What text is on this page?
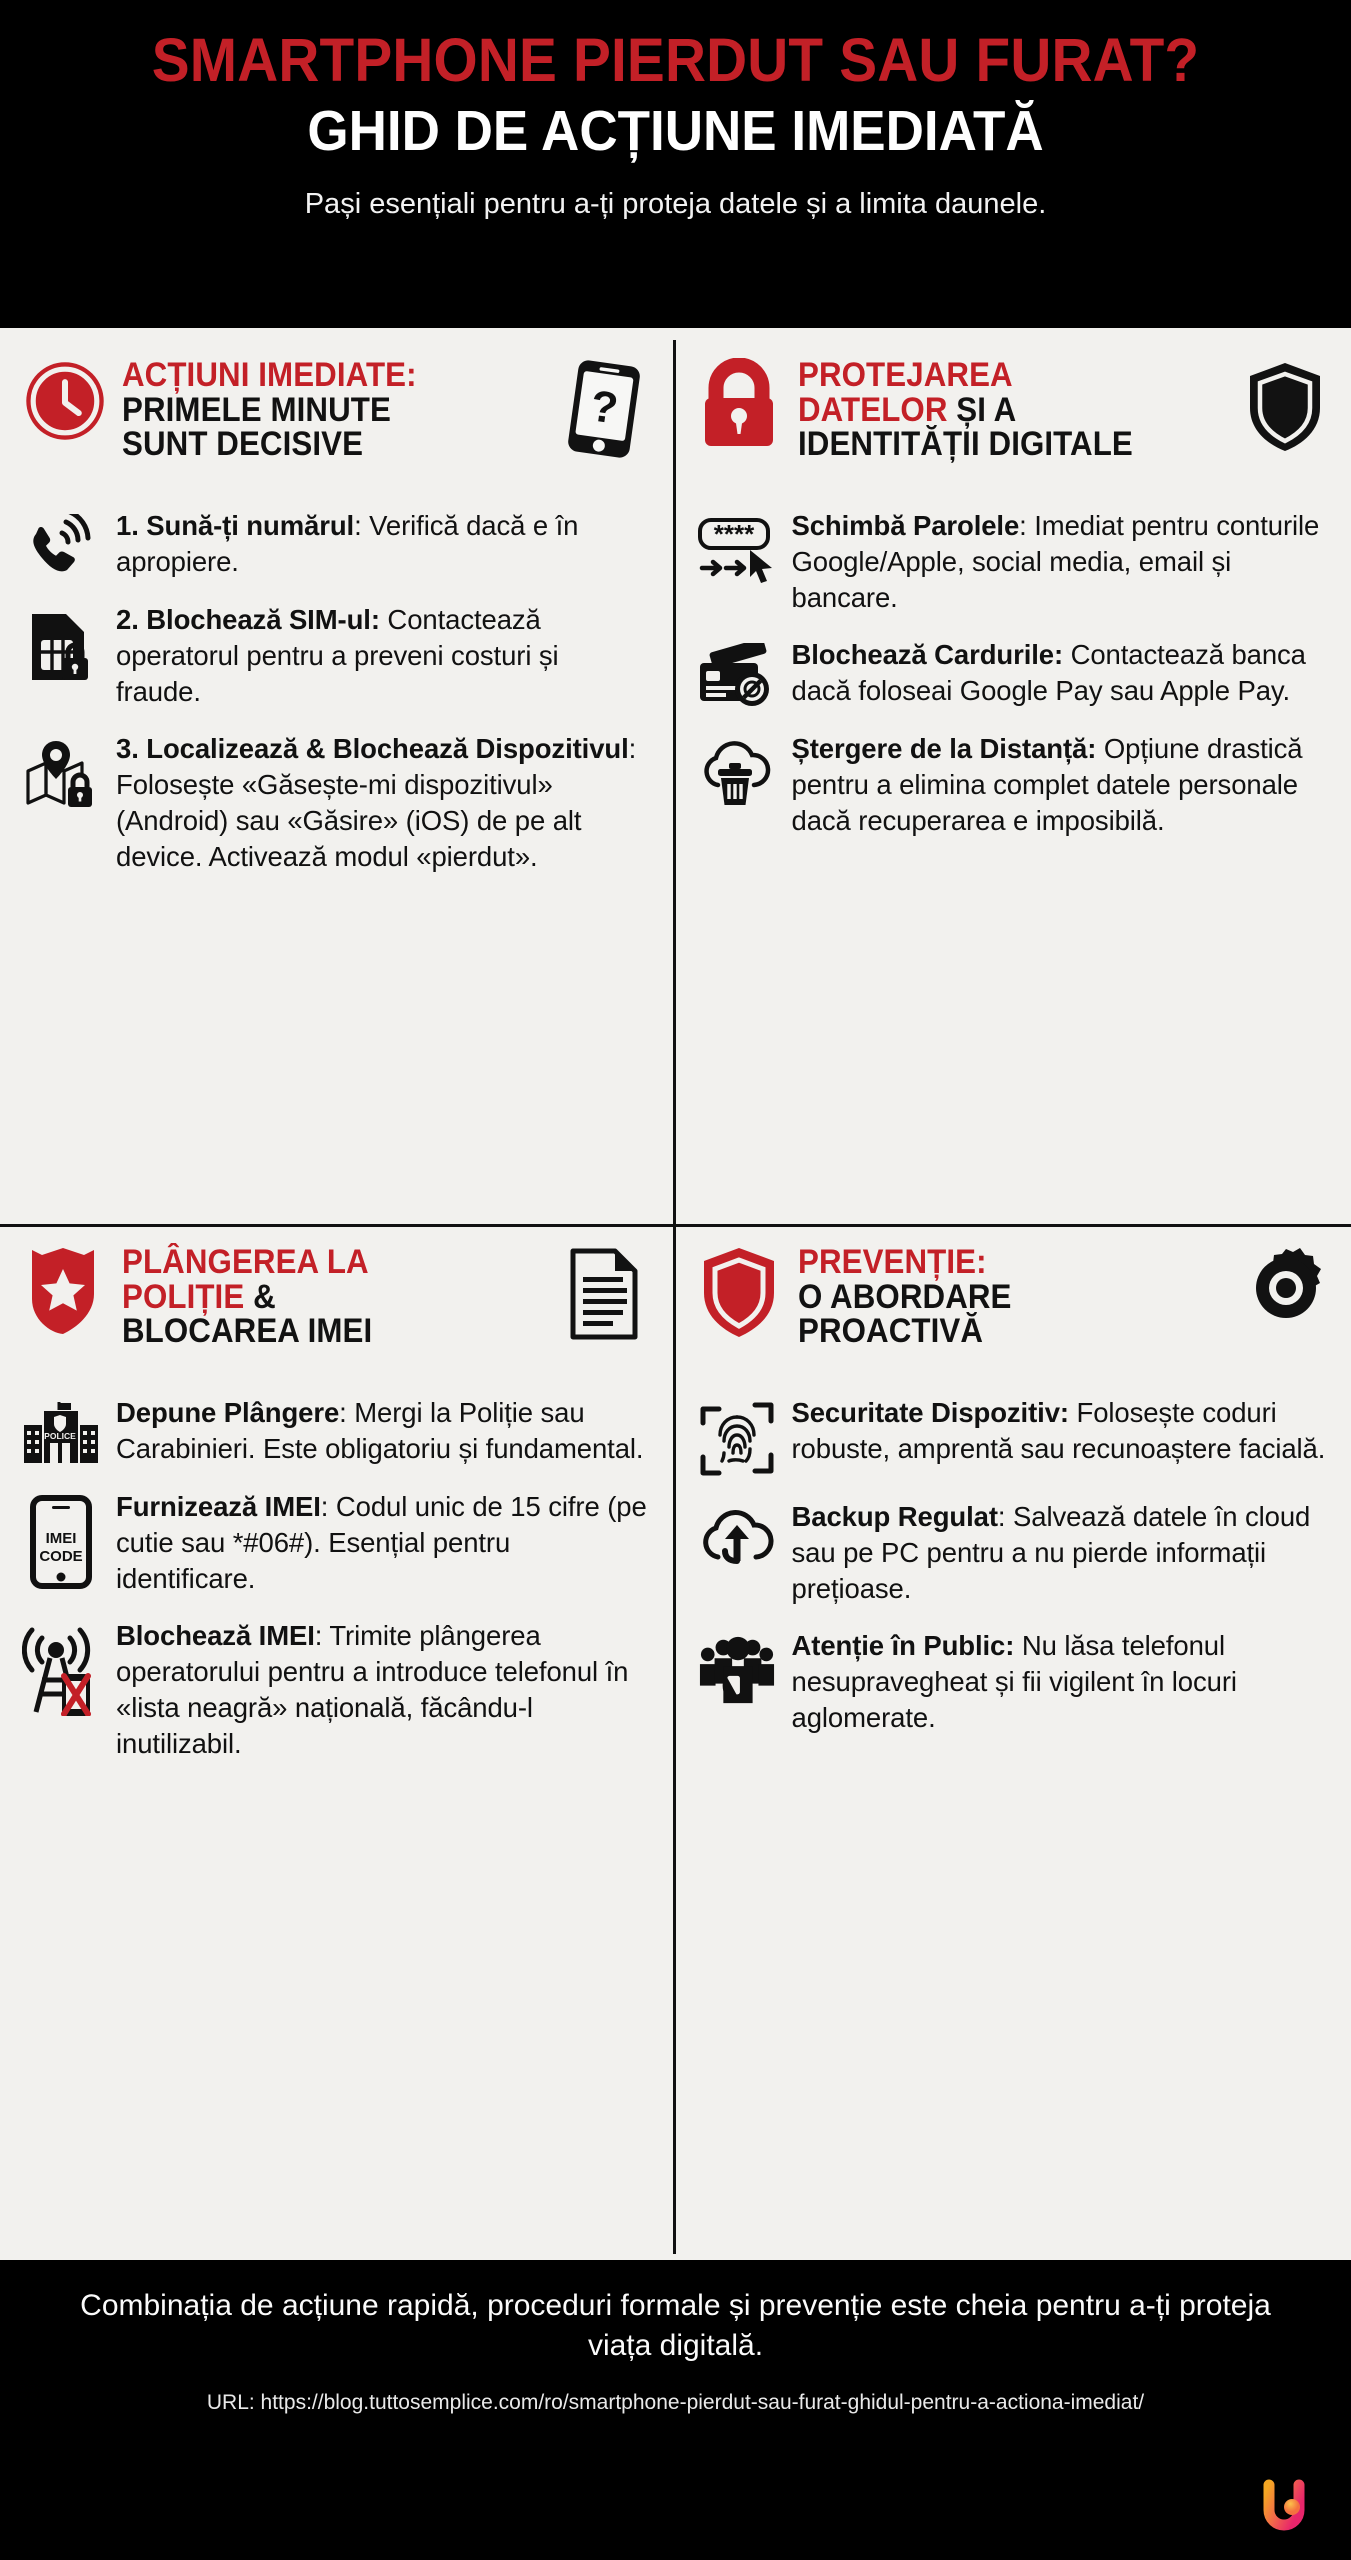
SMARTPHONE PIERDUT SAU FURAT?
GHID DE ACȚIUNE IMEDIATĂ
Pași esențiali pentru a-ți proteja datele și a limita daunele.
ACȚIUNI IMEDIATE:
PRIMELE MINUTE
SUNT DECISIVE
?
1. Sună-ți numărul: Verifică dacă e în apropiere.
2. Blochează SIM-ul: Contactează operatorul pentru a preveni costuri și fraude.
3. Localizează & Blochează Dispozitivul: Folosește «Găsește-mi dispozitivul» (Android) sau «Găsire» (iOS) de pe alt device. Activează modul «pierdut».
PROTEJAREA
DATELOR ȘI A
IDENTITĂȚII DIGITALE
**** Schimbă Parolele: Imediat pentru conturile Google/Apple, social media, email și bancare.
Blochează Cardurile: Contactează banca dacă foloseai Google Pay sau Apple Pay.
Ștergere de la Distanță: Opțiune drastică pentru a elimina complet datele personale dacă recuperarea e imposibilă.
PLÂNGEREA LA
POLIȚIE &
BLOCAREA IMEI
POLICE
Depune Plângere: Mergi la Poliție sau Carabinieri. Este obligatoriu și fundamental.
IMEI
CODE
Furnizează IMEI: Codul unic de 15 cifre (pe cutie sau *#06#). Esențial pentru identificare.
Blochează IMEI: Trimite plângerea operatorului pentru a introduce telefonul în «lista neagră» națională, făcându-l inutilizabil.
PREVENȚIE:
O ABORDARE
PROACTIVĂ
Securitate Dispozitiv: Folosește coduri robuste, amprentă sau recunoaștere facială.
Backup Regulat: Salvează datele în cloud sau pe PC pentru a nu pierde informații prețioase.
Atenție în Public: Nu lăsa telefonul nesupravegheat și fii vigilent în locuri aglomerate.
Combinația de acțiune rapidă, proceduri formale și prevenție este cheia pentru a-ți proteja viața digitală.
URL: https://blog.tuttosemplice.com/ro/smartphone-pierdut-sau-furat-ghidul-pentru-a-actiona-imediat/
